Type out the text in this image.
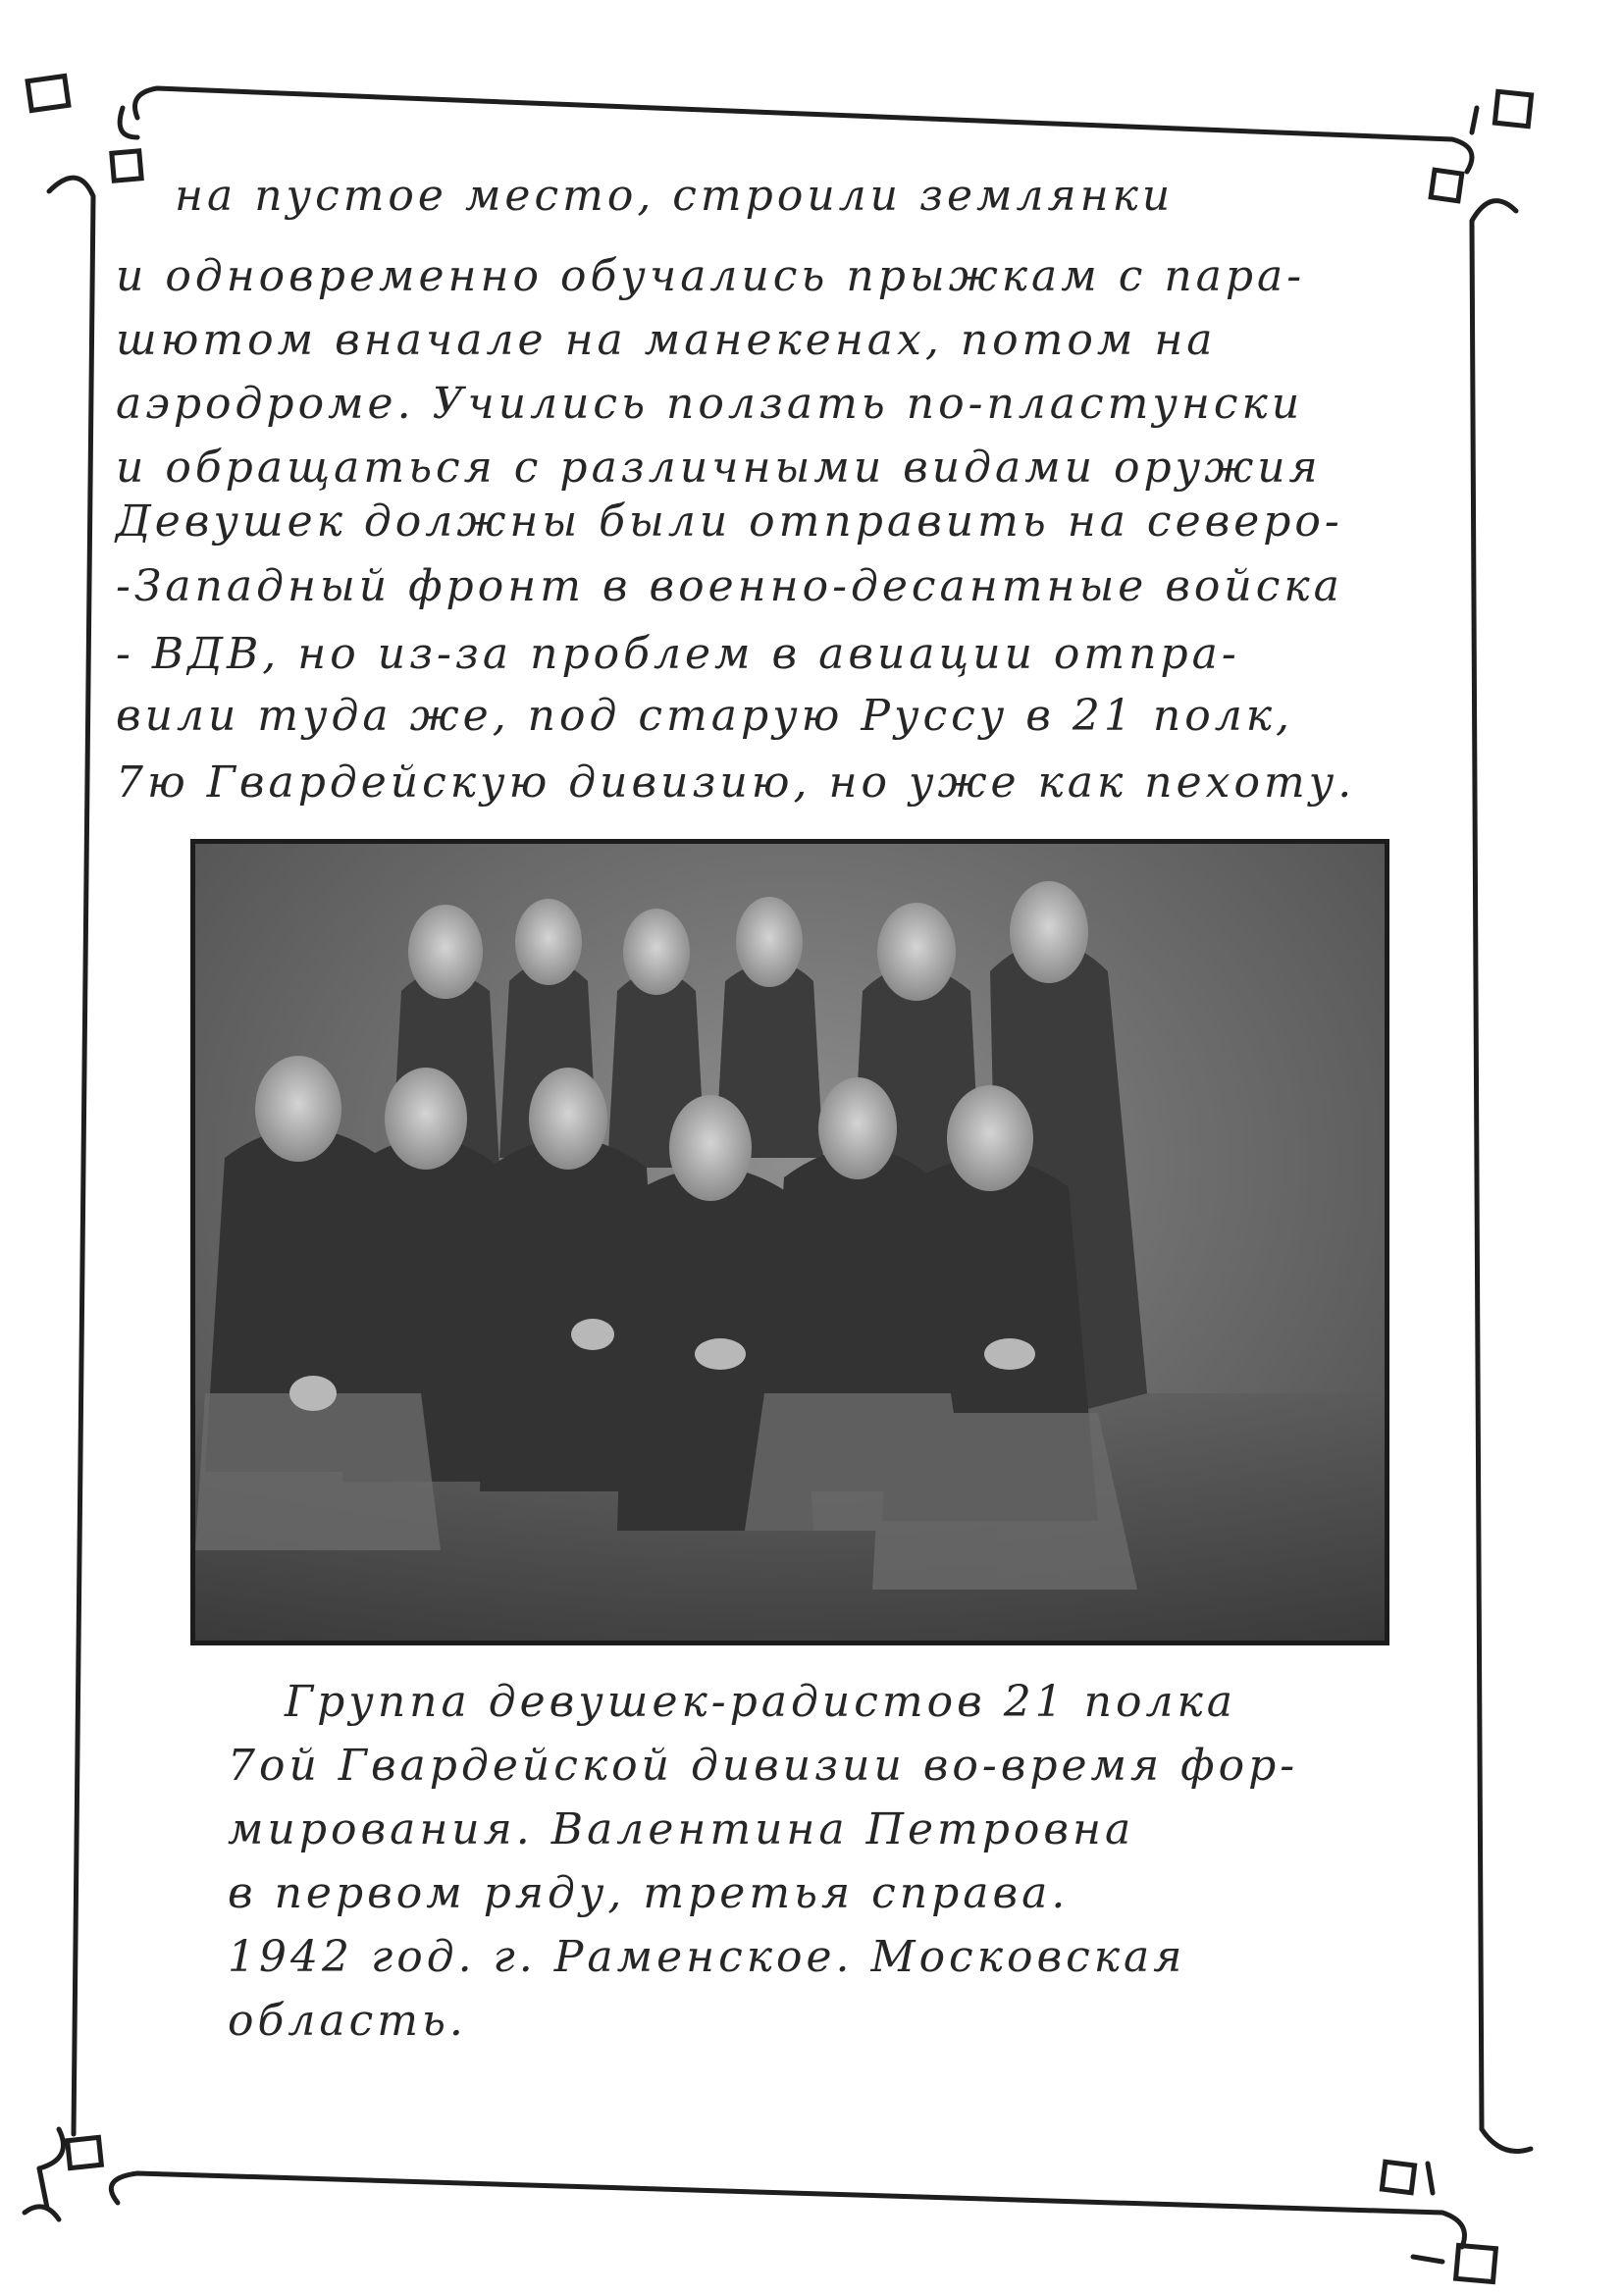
на пустое место, строили землянки
и одновременно обучались прыжкам с пара-
шютом вначале на манекенах, потом на
аэродроме. Учились ползать по-пластунски
и обращаться с различными видами оружия
Девушек должны были отправить на северо-
-Западный фронт в военно-десантные войска
- ВДВ, но из-за проблем в авиации отпра-
вили туда же, под старую Руссу в 21 полк,
7ю Гвардейскую дивизию, но уже как пехоту.
Группа девушек-радистов 21 полка
7ой Гвардейской дивизии во-время фор-
мирования. Валентина Петровна
в первом ряду, третья справа.
1942 год. г. Раменское. Московская
область.
